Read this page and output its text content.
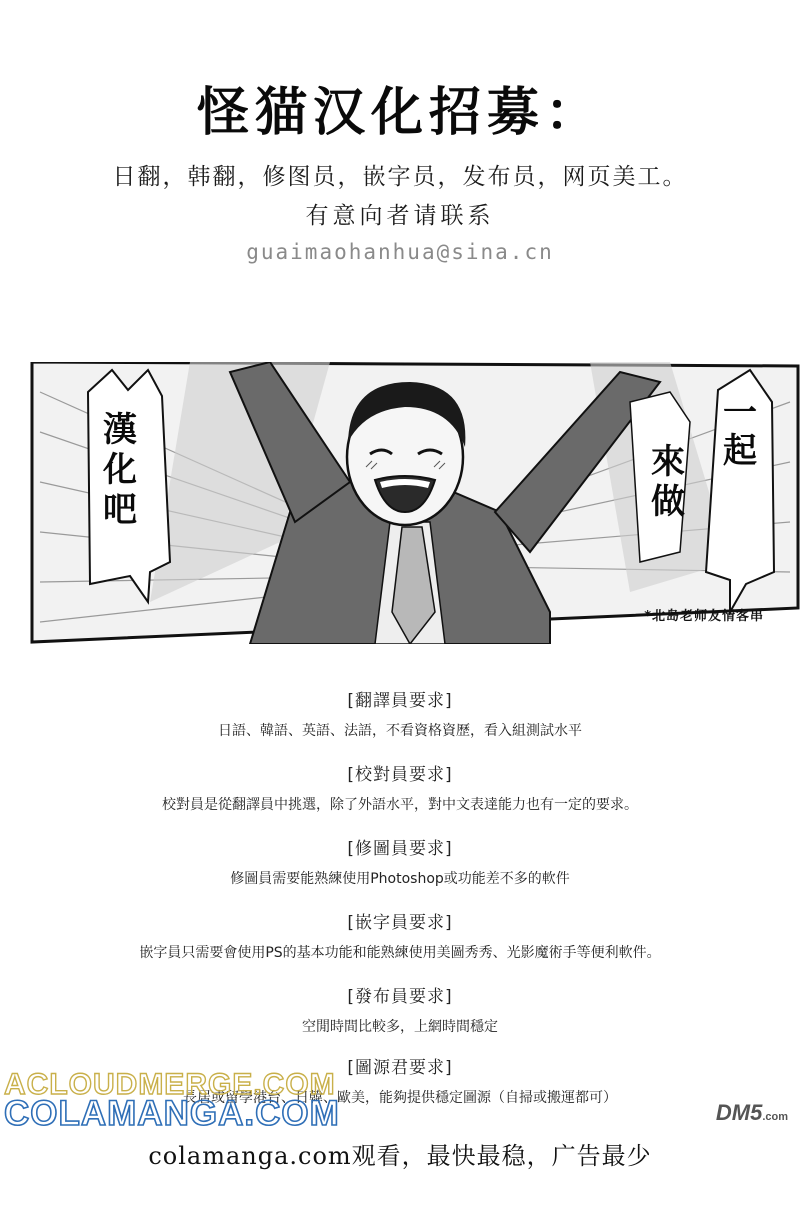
怪猫汉化招募：
日翻，韩翻，修图员，嵌字员，发布员，网页美工。
有意向者请联系
guaimaohanhua@sina.cn
漢化吧
一起
來做
*北岛老师友情客串
[翻譯員要求]
日語、韓語、英語、法語，不看資格資歷，看入組測試水平
[校對員要求]
校對員是從翻譯員中挑選，除了外語水平，對中文表達能力也有一定的要求。
[修圖員要求]
修圖員需要能熟練使用Photoshop或功能差不多的軟件
[嵌字員要求]
嵌字員只需要會使用PS的基本功能和能熟練使用美圖秀秀、光影魔術手等便利軟件。
[發布員要求]
空閒時間比較多，上網時間穩定
[圖源君要求]
長居或留學港台、日韓、歐美，能夠提供穩定圖源（自掃或搬運都可）
ACLOUDMERGE.COM
COLAMANGA.COM	DM5.com
colamanga.com观看，最快最稳，广告最少
